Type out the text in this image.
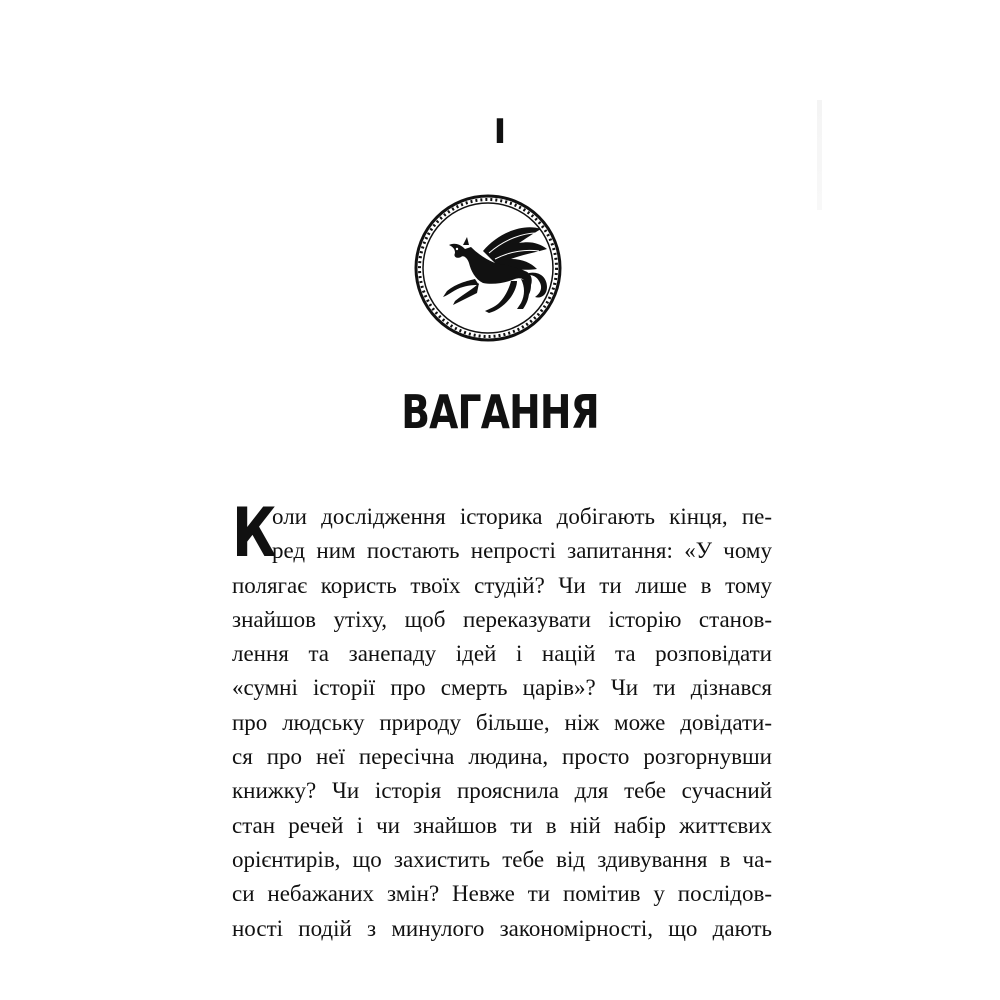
I
ВАГАННЯ
К
оли дослідження історика добігають кінця, пе-
ред ним постають непрості запитання: «У чому
полягає користь твоїх студій? Чи ти лише в тому
знайшов утіху, щоб переказувати історію станов-
лення та занепаду ідей і націй та розповідати
«сумні історії про смерть царів»? Чи ти дізнався
про людську природу більше, ніж може довідати-
ся про неї пересічна людина, просто розгорнувши
книжку? Чи історія прояснила для тебе сучасний
стан речей і чи знайшов ти в ній набір життєвих
орієнтирів, що захистить тебе від здивування в ча-
си небажаних змін? Невже ти помітив у послідов-
ності подій з минулого закономірності, що дають
